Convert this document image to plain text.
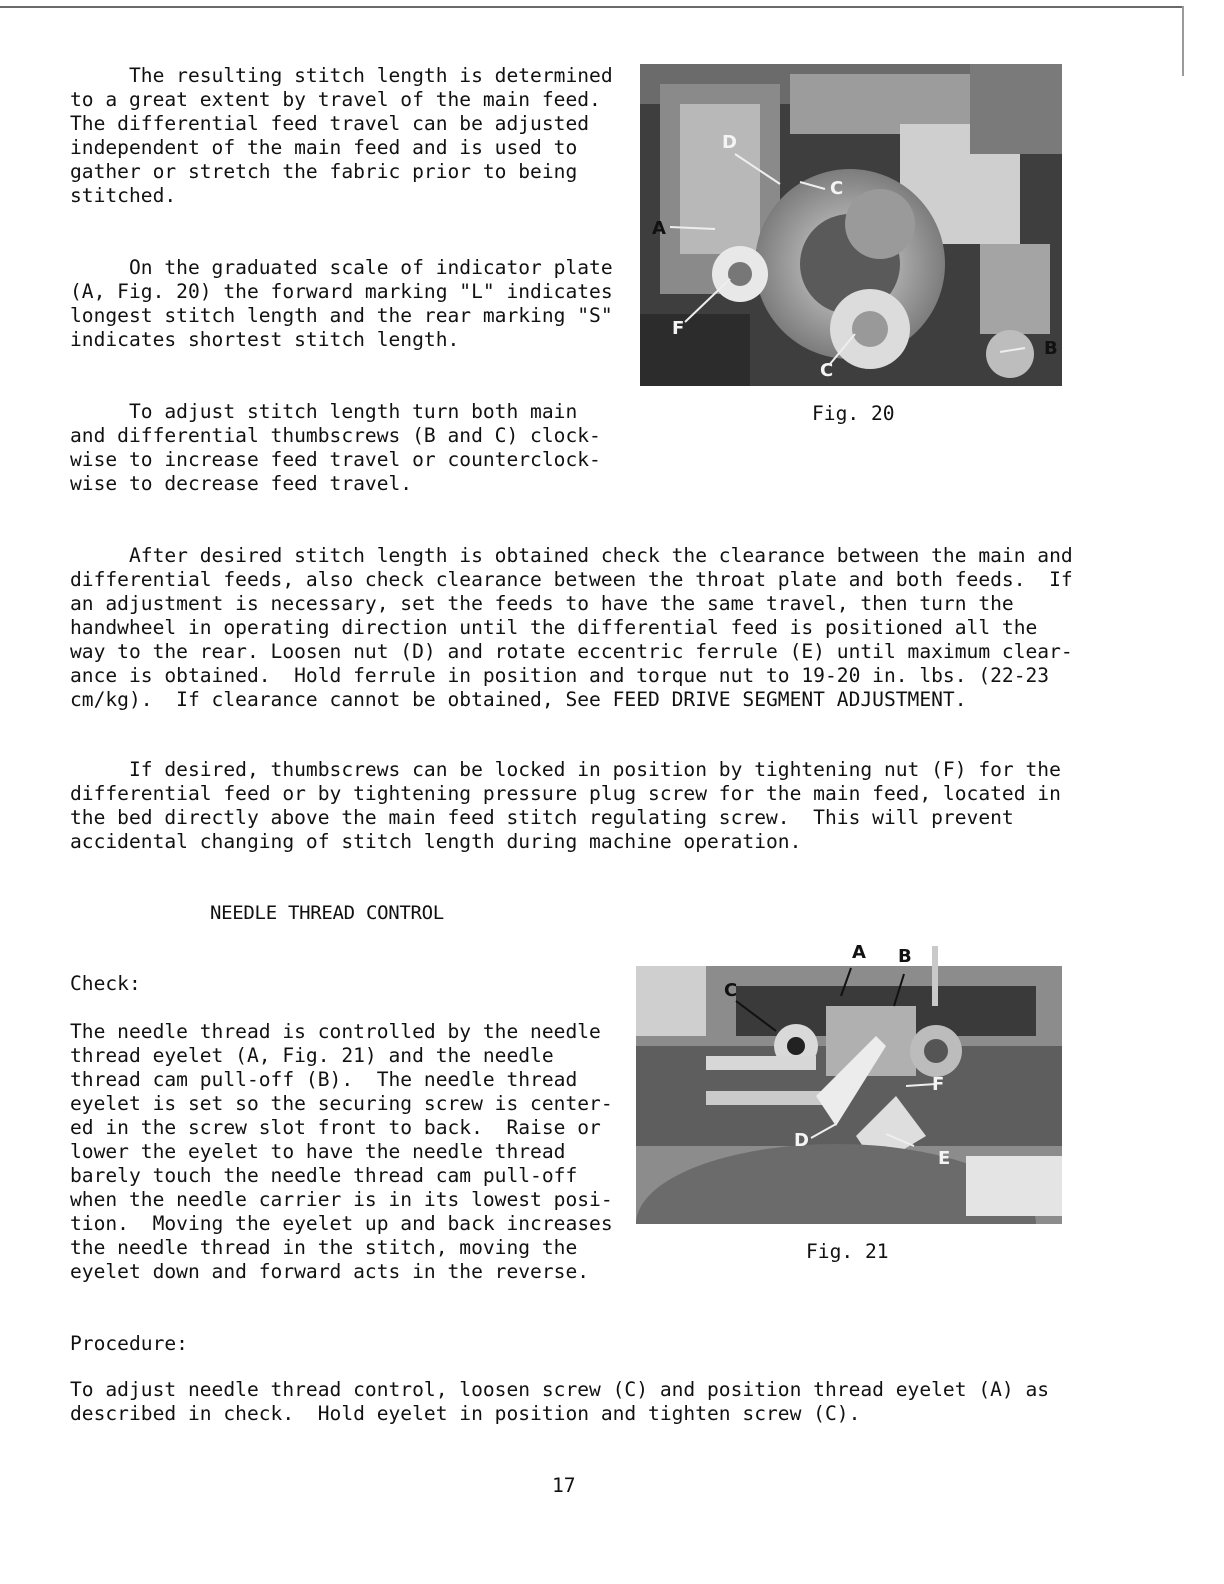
The resulting stitch length is determined
to a great extent by travel of the main feed.
The differential feed travel can be adjusted
independent of the main feed and is used to
gather or stretch the fabric prior to being
stitched.
On the graduated scale of indicator plate
(A, Fig. 20) the forward marking "L" indicates
longest stitch length and the rear marking "S"
indicates shortest stitch length.
To adjust stitch length turn both main
and differential thumbscrews (B and C) clock-
wise to increase feed travel or counterclock-
wise to decrease feed travel.
D
C
A
F
C
B
Fig. 20
After desired stitch length is obtained check the clearance between the main and
differential feeds, also check clearance between the throat plate and both feeds.  If
an adjustment is necessary, set the feeds to have the same travel, then turn the
handwheel in operating direction until the differential feed is positioned all the
way to the rear. Loosen nut (D) and rotate eccentric ferrule (E) until maximum clear-
ance is obtained.  Hold ferrule in position and torque nut to 19-20 in. lbs. (22-23
cm/kg).  If clearance cannot be obtained, See FEED DRIVE SEGMENT ADJUSTMENT.
If desired, thumbscrews can be locked in position by tightening nut (F) for the
differential feed or by tightening pressure plug screw for the main feed, located in
the bed directly above the main feed stitch regulating screw.  This will prevent
accidental changing of stitch length during machine operation.
NEEDLE THREAD CONTROL
Check:
The needle thread is controlled by the needle
thread eyelet (A, Fig. 21) and the needle
thread cam pull-off (B).  The needle thread
eyelet is set so the securing screw is center-
ed in the screw slot front to back.  Raise or
lower the eyelet to have the needle thread
barely touch the needle thread cam pull-off
when the needle carrier is in its lowest posi-
tion.  Moving the eyelet up and back increases
the needle thread in the stitch, moving the
eyelet down and forward acts in the reverse.
A B
C
F
D
E
Fig. 21
Procedure:
To adjust needle thread control, loosen screw (C) and position thread eyelet (A) as
described in check.  Hold eyelet in position and tighten screw (C).
17
